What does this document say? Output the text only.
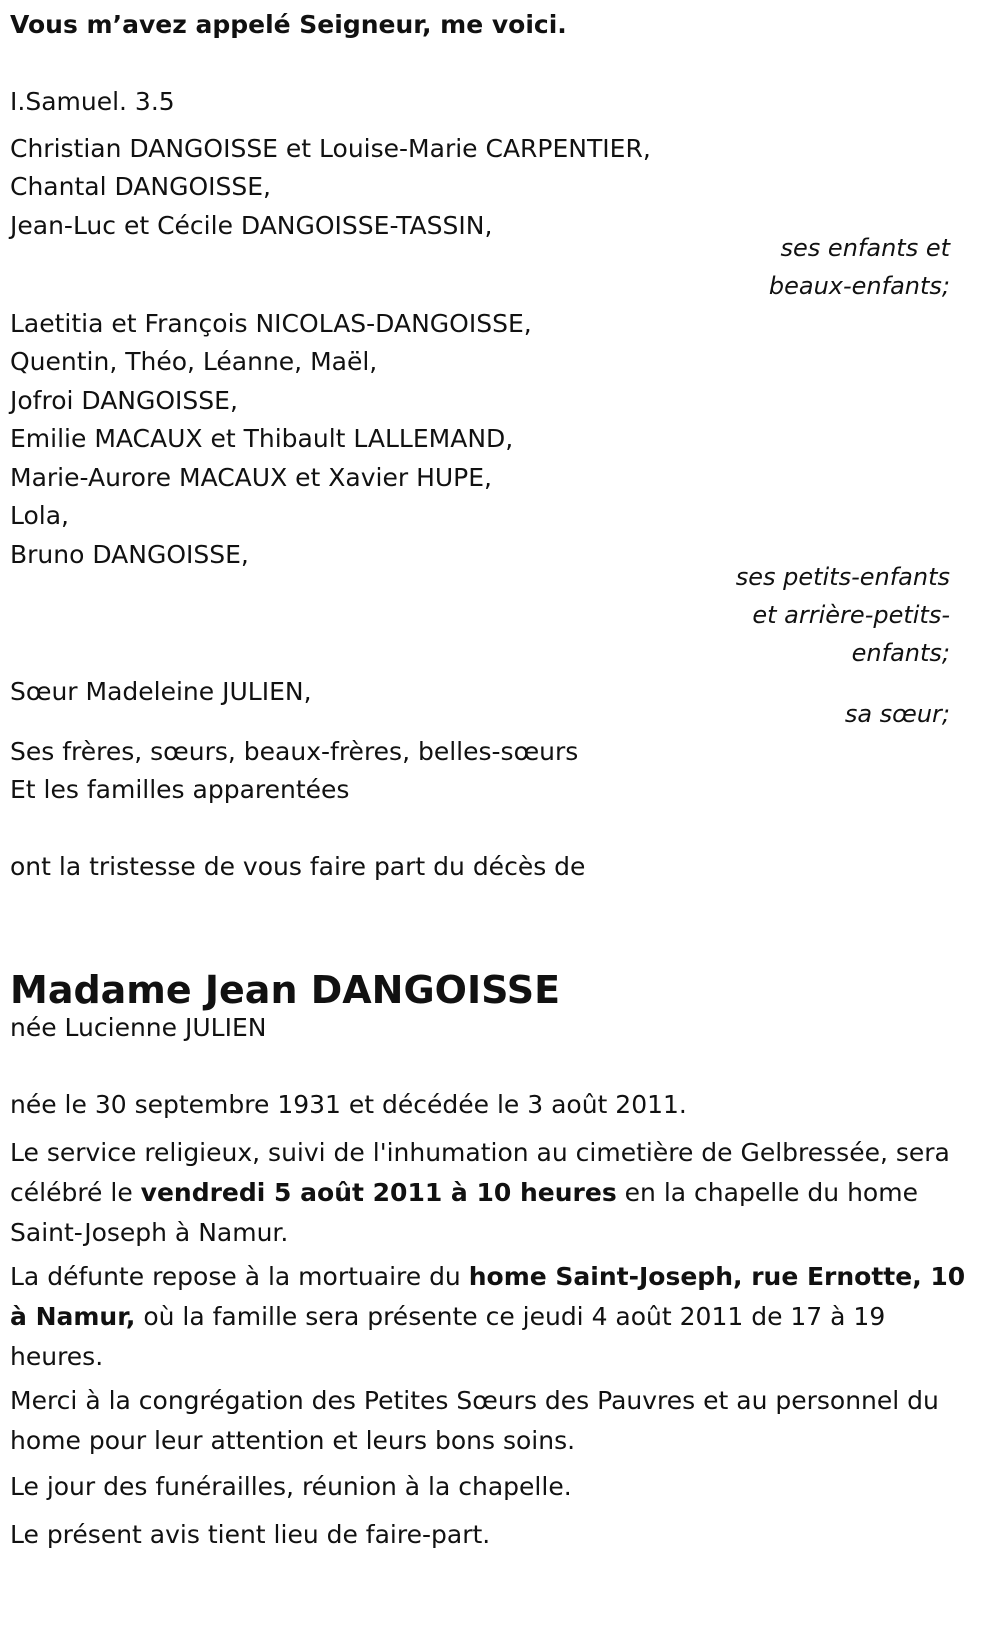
Vous m’avez appelé Seigneur, me voici.

I.Samuel. 3.5

Christian DANGOISSE et Louise-Marie CARPENTIER,

Chantal DANGOISSE,

Jean-Luc et Cécile DANGOISSE-TASSIN,

ses enfants et

beaux-enfants;

Laetitia et François NICOLAS-DANGOISSE,

Quentin, Théo, Léanne, Maël,

Jofroi DANGOISSE,

Emilie MACAUX et Thibault LALLEMAND,

Marie-Aurore MACAUX et Xavier HUPE,

Lola,

Bruno DANGOISSE,

ses petits-enfants

et arrière-petits-

enfants;

Sœur Madeleine JULIEN,

sa sœur;

Ses frères, sœurs, beaux-frères, belles-sœurs

Et les familles apparentées

ont la tristesse de vous faire part du décès de

Madame Jean DANGOISSE

née Lucienne JULIEN

née le 30 septembre 1931 et décédée le 3 août 2011.

Le service religieux, suivi de l'inhumation au cimetière de Gelbressée, sera célébré le vendredi 5 août 2011 à 10 heures en la chapelle du home Saint-Joseph à Namur.

La défunte repose à la mortuaire du home Saint-Joseph, rue Ernotte, 10 à Namur, où la famille sera présente ce jeudi 4 août 2011 de 17 à 19 heures.

Merci à la congrégation des Petites Sœurs des Pauvres et au personnel du home pour leur attention et leurs bons soins.

Le jour des funérailles, réunion à la chapelle.

Le présent avis tient lieu de faire-part.
